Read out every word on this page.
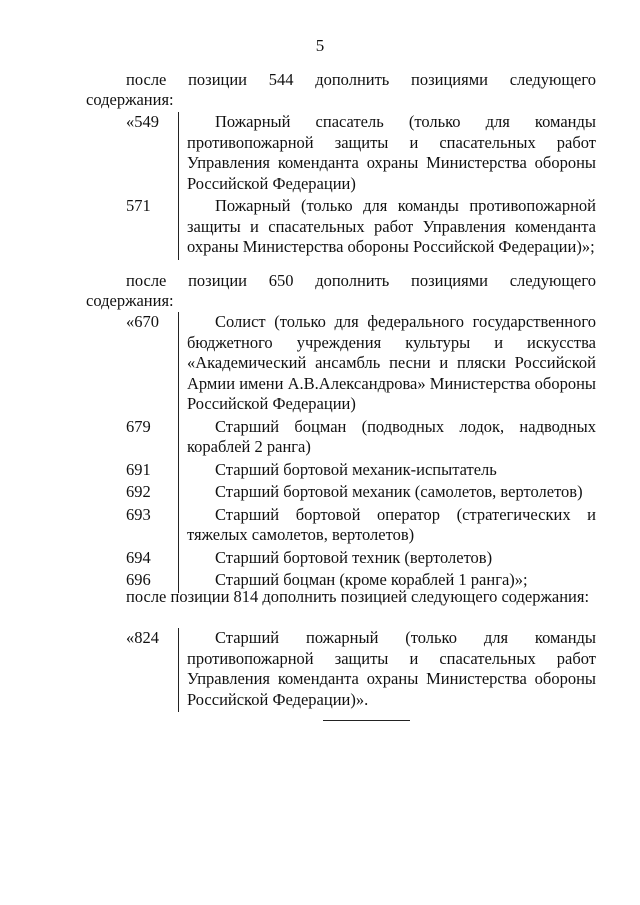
5
после позиции 544 дополнить позициями следующего содержания:
«549	Пожарный спасатель (только для команды противопожарной защиты и спасательных работ Управления коменданта охраны Министерства обороны Российской Федерации)
571	Пожарный (только для команды противопожарной защиты и спасательных работ Управления коменданта охраны Министерства обороны Российской Федерации)»;
после позиции 650 дополнить позициями следующего содержания:
«670	Солист (только для федерального государственного бюджетного учреждения культуры и искусства «Академический ансамбль песни и пляски Российской Армии имени А.В.Александрова» Министерства обороны Российской Федерации)
679	Старший боцман (подводных лодок, надводных кораблей 2 ранга)
691	Старший бортовой механик-испытатель
692	Старший бортовой механик (самолетов, вертолетов)
693	Старший бортовой оператор (стратегических и тяжелых самолетов, вертолетов)
694	Старший бортовой техник (вертолетов)
696	Старший боцман (кроме кораблей 1 ранга)»;
после позиции 814 дополнить позицией следующего содержания:
«824	Старший пожарный (только для команды противопожарной защиты и спасательных работ Управления коменданта охраны Министерства обороны Российской Федерации)».
